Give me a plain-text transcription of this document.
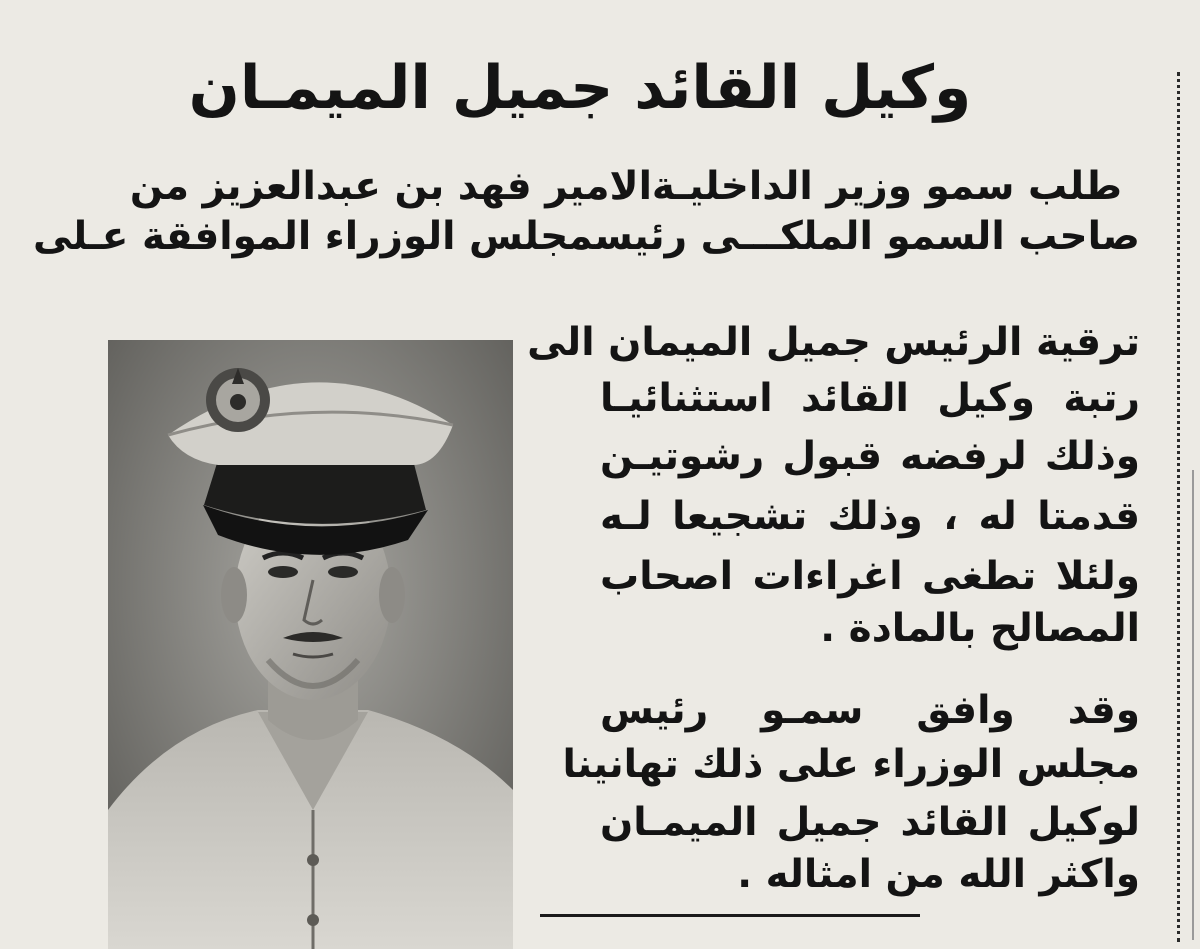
وكيل القائد جميل الميمـان
طلب سمو وزير الداخليـةالامير فهد بن عبدالعزيز من
صاحب السمو الملكـــى رئيسمجلس الوزراء الموافقة عـلى
ترقية الرئيس جميل الميمان الى
رتبة وكيل القائد استثنائيـا
وذلك لرفضه قبول رشوتيـن
قدمتا له ، وذلك تشجيعا لـه
ولئلا تطغى اغراءات اصحاب
المصالح بالمادة .
وقد وافق سمـو رئيس
مجلس الوزراء على ذلك تهانينا
لوكيل القائد جميل الميمـان
واكثر الله من امثاله .
